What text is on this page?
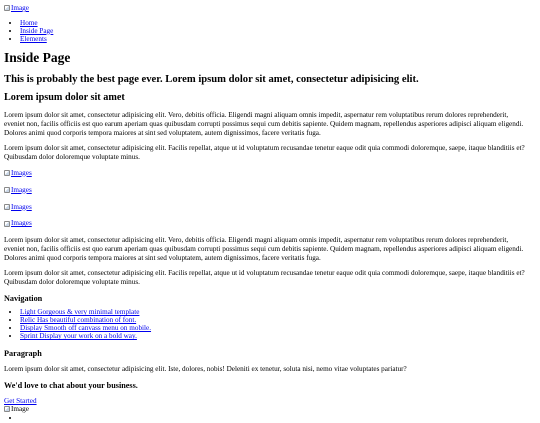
Image
• Home
• Inside Page
• Elements
Inside Page
This is probably the best page ever. Lorem ipsum dolor sit amet, consectetur adipisicing elit.
Lorem ipsum dolor sit amet

Lorem ipsum dolor sit amet, consectetur adipisicing elit. Vero, debitis officia. Eligendi magni aliquam omnis impedit, aspernatur rem voluptatibus rerum dolores reprehenderit, eveniet non, facilis officiis est quo earum aperiam quas quibusdam corrupti possimus sequi cum debitis sapiente. Quidem magnam, repellendus asperiores adipisci aliquam eligendi. Dolores animi quod corporis tempora maiores at sint sed voluptatem, autem dignissimos, facere veritatis fuga.

Lorem ipsum dolor sit amet, consectetur adipisicing elit. Facilis repellat, atque ut id voluptatum recusandae tenetur eaque odit quia commodi doloremque, saepe, itaque blanditiis et? Quibusdam dolor doloremque voluptate minus.

Images
Images
Images
Images

Lorem ipsum dolor sit amet, consectetur adipisicing elit. Vero, debitis officia. Eligendi magni aliquam omnis impedit, aspernatur rem voluptatibus rerum dolores reprehenderit, eveniet non, facilis officiis est quo earum aperiam quas quibusdam corrupti possimus sequi cum debitis sapiente. Quidem magnam, repellendus asperiores adipisci aliquam eligendi. Dolores animi quod corporis tempora maiores at sint sed voluptatem, autem dignissimos, facere veritatis fuga.

Lorem ipsum dolor sit amet, consectetur adipisicing elit. Facilis repellat, atque ut id voluptatum recusandae tenetur eaque odit quia commodi doloremque, saepe, itaque blanditiis et? Quibusdam dolor doloremque voluptate minus.

Navigation
• Light Gorgeous & very minimal template
• Relic Has beautiful combination of font.
• Display Smooth off canvass menu on mobile.
• Sprint Display your work on a bold way.
Paragraph

Lorem ipsum dolor sit amet, consectetur adipisicing elit. Iste, dolores, nobis! Deleniti ex tenetur, soluta nisi, nemo vitae voluptates pariatur?

We'd love to chat about your business.
Get Started
Image
•
